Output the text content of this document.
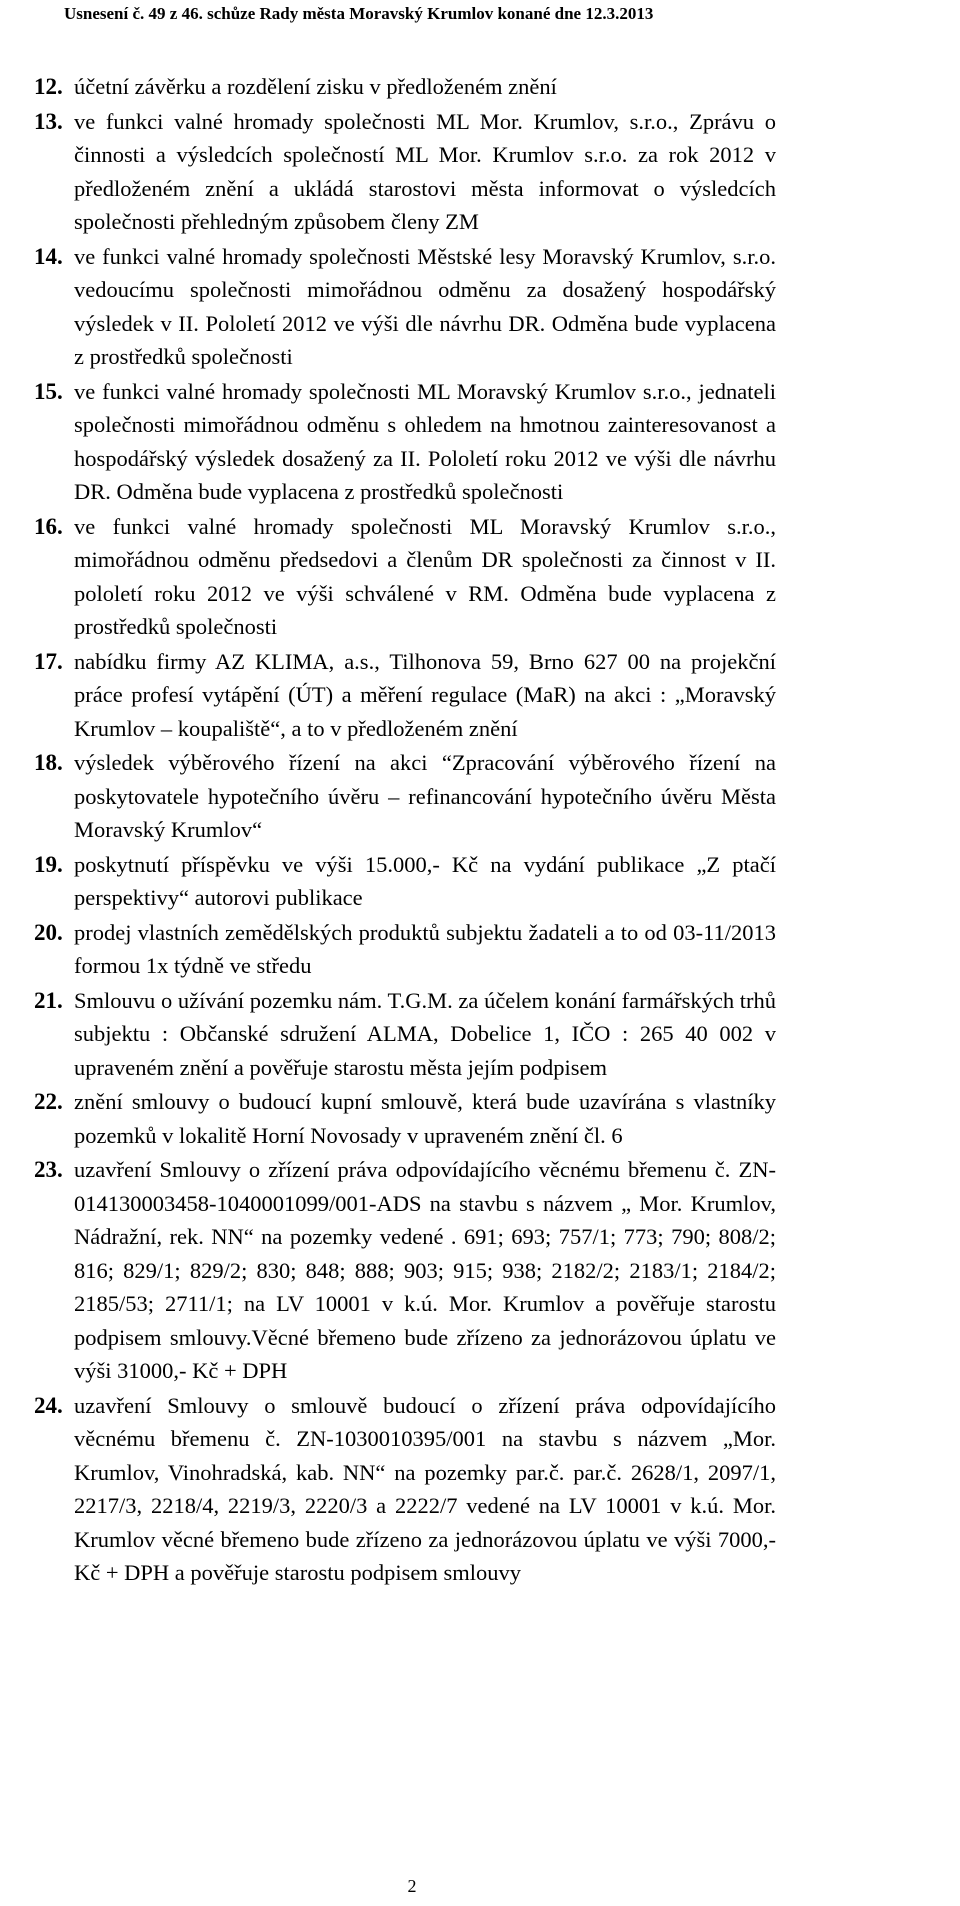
Usnesení č. 49 z 46. schůze Rady města Moravský Krumlov konané dne 12.3.2013
12. účetní závěrku a rozdělení zisku v předloženém znění
13. ve funkci valné hromady společnosti ML Mor. Krumlov, s.r.o., Zprávu o činnosti a výsledcích společností ML Mor. Krumlov s.r.o. za rok 2012 v předloženém znění a ukládá starostovi města informovat o výsledcích společnosti přehledným způsobem členy ZM
14. ve funkci valné hromady společnosti Městské lesy Moravský Krumlov, s.r.o. vedoucímu společnosti mimořádnou odměnu za dosažený hospodářský výsledek v II. Pololetí 2012 ve výši dle návrhu DR. Odměna bude vyplacena z prostředků společnosti
15. ve funkci valné hromady společnosti ML Moravský Krumlov s.r.o., jednateli společnosti mimořádnou odměnu s ohledem na hmotnou zainteresovanost a hospodářský výsledek dosažený za II. Pololetí roku 2012 ve výši dle návrhu DR. Odměna bude vyplacena z prostředků společnosti
16. ve funkci valné hromady společnosti ML Moravský Krumlov s.r.o., mimořádnou odměnu předsedovi a členům DR společnosti za činnost v II. pololetí roku 2012 ve výši schválené v RM. Odměna bude vyplacena z prostředků společnosti
17. nabídku firmy AZ KLIMA, a.s., Tilhonova 59, Brno 627 00 na projekční práce profesí vytápění (ÚT) a měření regulace (MaR) na akci : „Moravský Krumlov – koupaliště“, a to v předloženém znění
18. výsledek výběrového řízení na akci “Zpracování výběrového řízení na poskytovatele hypotečního úvěru – refinancování hypotečního úvěru Města Moravský Krumlov“
19. poskytnutí příspěvku ve výši 15.000,- Kč na vydání publikace „Z ptačí perspektivy“ autorovi publikace
20. prodej vlastních zemědělských produktů subjektu žadateli a to od 03-11/2013 formou 1x týdně ve středu
21. Smlouvu o užívání pozemku nám. T.G.M. za účelem konání farmářských trhů subjektu : Občanské sdružení ALMA, Dobelice 1, IČO : 265 40 002 v upraveném znění a pověřuje starostu města jejím podpisem
22. znění smlouvy o budoucí kupní smlouvě, která bude uzavírána s vlastníky pozemků v lokalitě Horní Novosady v upraveném znění čl. 6
23. uzavření Smlouvy o zřízení práva odpovídajícího věcnému břemenu č. ZN-014130003458-1040001099/001-ADS na stavbu s názvem „ Mor. Krumlov, Nádražní, rek. NN“ na pozemky vedené . 691; 693; 757/1; 773; 790; 808/2; 816; 829/1; 829/2; 830; 848; 888; 903; 915; 938; 2182/2; 2183/1; 2184/2; 2185/53; 2711/1; na LV 10001 v k.ú. Mor. Krumlov a pověřuje starostu podpisem smlouvy.Věcné břemeno bude zřízeno za jednorázovou úplatu ve výši 31000,- Kč + DPH
24. uzavření Smlouvy o smlouvě budoucí o zřízení práva odpovídajícího věcnému břemenu č. ZN-1030010395/001 na stavbu s názvem „Mor. Krumlov, Vinohradská, kab. NN“ na pozemky par.č. par.č. 2628/1, 2097/1, 2217/3, 2218/4, 2219/3, 2220/3 a 2222/7 vedené na LV 10001 v k.ú. Mor. Krumlov věcné břemeno bude zřízeno za jednorázovou úplatu ve výši 7000,- Kč + DPH a pověřuje starostu podpisem smlouvy
2
